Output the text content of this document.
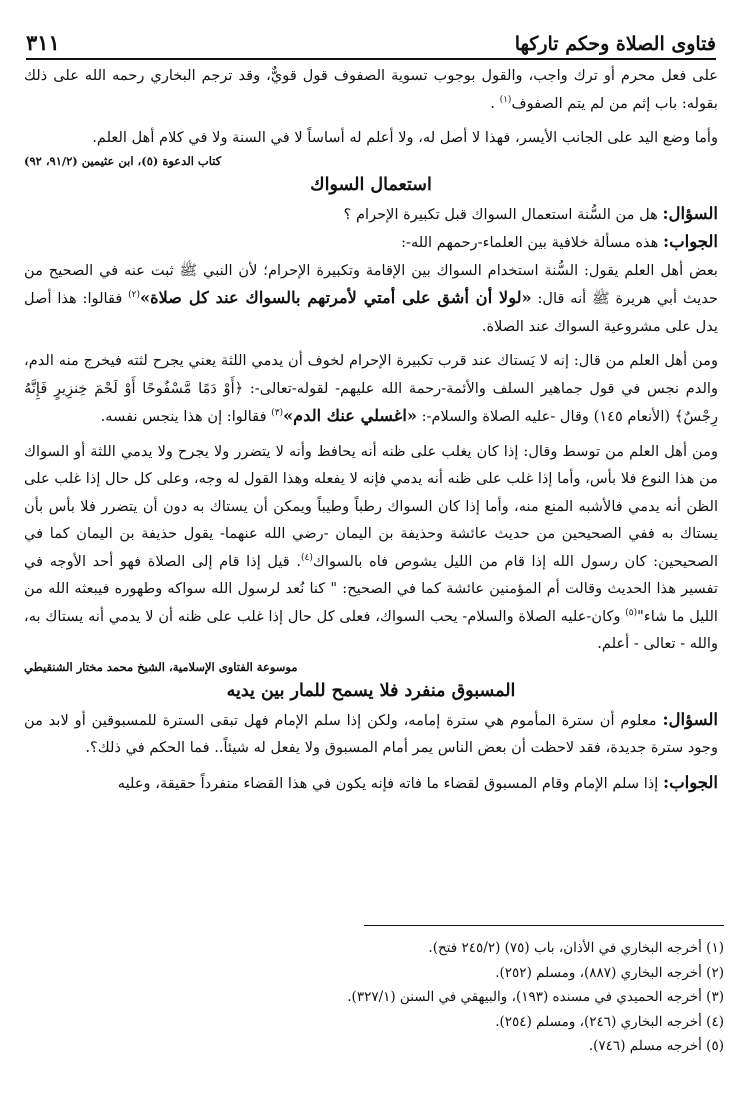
فتاوى الصلاة وحكم تاركها
٣١١

على فعل محرم أو ترك واجب، والقول بوجوب تسوية الصفوف قول قويٌّ، وقد ترجم البخاري رحمه الله على ذلك بقوله: باب إثم من لم يتم الصفوف$^{(١)}$ .

وأما وضع اليد على الجانب الأيسر، فهذا لا أصل له، ولا أعلم له أساساً لا في السنة ولا في كلام أهل العلم.

كتاب الدعوة (٥)، ابن عثيمين (٩١/٢، ٩٢)

استعمال السواك

السؤال: هل من السُّنة استعمال السواك قبل تكبيرة الإحرام ؟

الجواب: هذه مسألة خلافية بين العلماء-رحمهم الله-:

بعض أهل العلم يقول: السُّنة استخدام السواك بين الإقامة وتكبيرة الإحرام؛ لأن النبي ﷺ ثبت عنه في الصحيح من حديث أبي هريرة ﷺ أنه قال: «لولا أن أشق على أمتي لأمرتهم بالسواك عند كل صلاة»$^{(٢)}$ فقالوا: هذا أصل يدل على مشروعية السواك عند الصلاة.

ومن أهل العلم من قال: إنه لا يَستاك عند قرب تكبيرة الإحرام لخوف أن يدمي اللثة يعني يجرح لثته فيخرج منه الدم، والدم نجس في قول جماهير السلف والأئمة-رحمة الله عليهم- لقوله-تعالى-: ﴿أَوْ دَمًا مَّسْفُوحًا أَوْ لَحْمَ خِنزِيرٍ فَإِنَّهُ رِجْسٌ﴾ (الأنعام ١٤٥) وقال -عليه الصلاة والسلام-: «اغسلي عنك الدم»$^{(٣)}$ فقالوا: إن هذا ينجس نفسه.

ومن أهل العلم من توسط وقال: إذا كان يغلب على ظنه أنه يحافظ وأنه لا يتضرر ولا يجرح ولا يدمي اللثة أو السواك من هذا النوع فلا بأس، وأما إذا غلب على ظنه أنه يدمي فإنه لا يفعله وهذا القول له وجه، وعلى كل حال إذا غلب على الظن أنه يدمي فالأشبه المنع منه، وأما إذا كان السواك رطباً وطيباً ويمكن أن يستاك به دون أن يتضرر فلا بأس بأن يستاك به ففي الصحيحين من حديث عائشة وحذيفة بن اليمان -رضي الله عنهما- يقول حذيفة بن اليمان كما في الصحيحين: كان رسول الله إذا قام من الليل يشوص فاه بالسواك$^{(٤)}$. قيل إذا قام إلى الصلاة فهو أحد الأوجه في تفسير هذا الحديث وقالت أم المؤمنين عائشة كما في الصحيح: " كنا نُعد لرسول الله سواكه وطهوره فيبعثه الله من الليل ما شاء"$^{(٥)}$ وكان-عليه الصلاة والسلام- يحب السواك، فعلى كل حال إذا غلب على ظنه أن لا يدمي أنه يستاك به، والله - تعالى - أعلم.

موسوعة الفتاوى الإسلامية، الشيخ محمد مختار الشنقيطي

المسبوق منفرد فلا يسمح للمار بين يديه

السؤال: معلوم أن سترة المأموم هي سترة إمامه، ولكن إذا سلم الإمام فهل تبقى السترة للمسبوقين أو لابد من وجود سترة جديدة، فقد لاحظت أن بعض الناس يمر أمام المسبوق ولا يفعل له شيئاً.. فما الحكم في ذلك؟.

الجواب: إذا سلم الإمام وقام المسبوق لقضاء ما فاته فإنه يكون في هذا القضاء منفرداً حقيقة، وعليه

(١) أخرجه البخاري في الأذان، باب (٧٥) (٢٤٥/٢ فتح).
(٢) أخرجه البخاري (٨٨٧)، ومسلم (٢٥٢).
(٣) أخرجه الحميدي في مسنده (١٩٣)، والبيهقي في السنن (٣٢٧/١).
(٤) أخرجه البخاري (٢٤٦)، ومسلم (٢٥٤).
(٥) أخرجه مسلم (٧٤٦).
